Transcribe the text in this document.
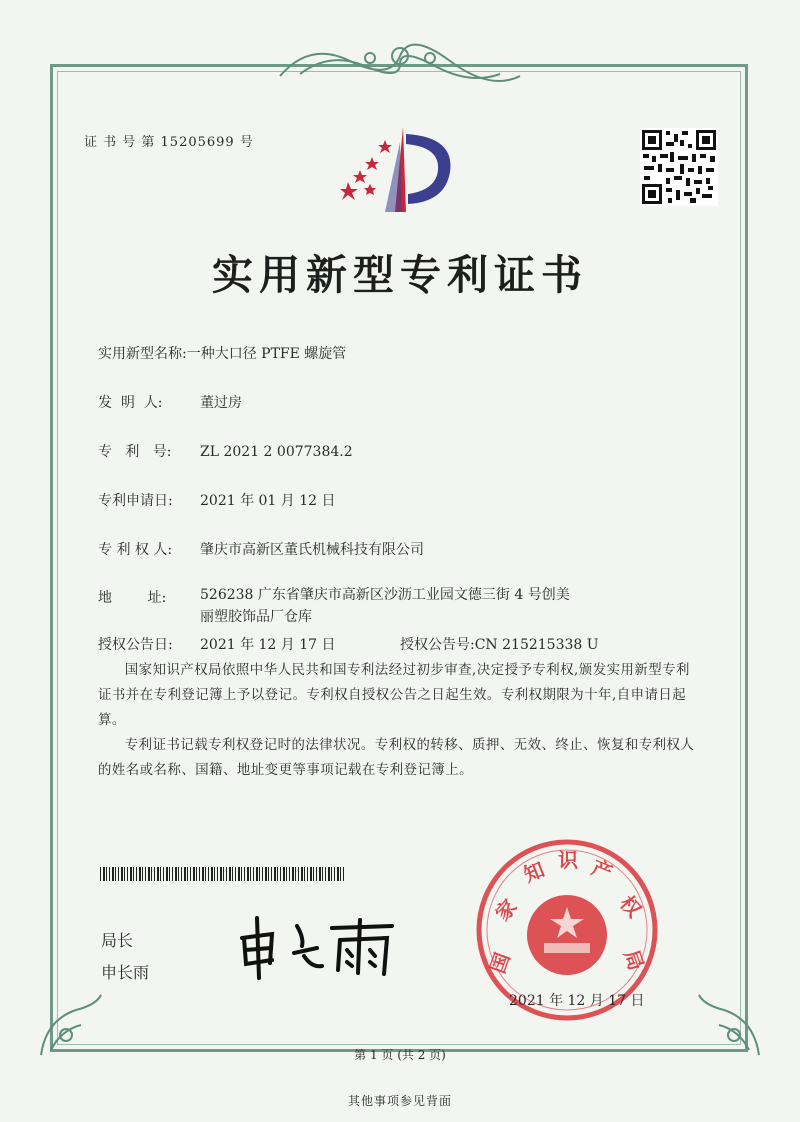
证 书 号 第 15205699 号
实用新型专利证书
实用新型名称:一种大口径 PTFE 螺旋管
发  明  人:	董过房
专   利   号: ZL 2021 2 0077384.2
专利申请日: 2021 年 01 月 12 日
专 利 权 人: 肇庆市高新区董氏机械科技有限公司
地        址: 526238 广东省肇庆市高新区沙沥工业园文德三街 4 号创美
丽塑胶饰品厂仓库
授权公告日: 2021 年 12 月 17 日	授权公告号:CN 215215338 U

国家知识产权局依照中华人民共和国专利法经过初步审查,决定授予专利权,颁发实用新型专利证书并在专利登记簿上予以登记。专利权自授权公告之日起生效。专利权期限为十年,自申请日起算。

专利证书记载专利权登记时的法律状况。专利权的转移、质押、无效、终止、恢复和专利权人的姓名或名称、国籍、地址变更等事项记载在专利登记簿上。

局长
申长雨	国
家
知 识 产
权
局
2021 年 12 月 17 日
第 1 页 (共 2 页)
其他事项参见背面
